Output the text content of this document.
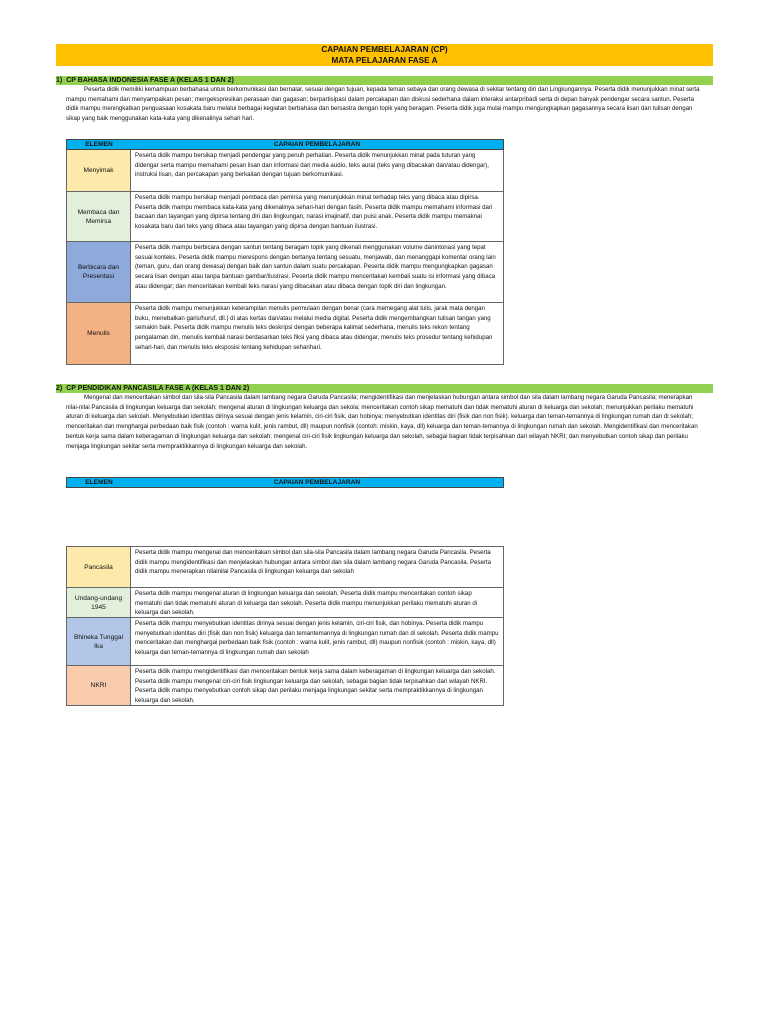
CAPAIAN PEMBELAJARAN (CP)
MATA PELAJARAN FASE A
1) CP BAHASA INDONESIA FASE A (KELAS 1 DAN 2)
Peserta didik memiliki kemampuan berbahasa untuk berkomunikasi dan bernalar, sesuai dengan tujuan, kepada teman sebaya dan orang dewasa di sekitar tentang diri dan Lingkungannya. Peserta didik menunjukkan minat serta mampu memahami dan menyampaikan pesan; mengekspresikan perasaan dan gagasan; berpartisipasi dalam percakapan dan diskusi sederhana dalam interaksi antarpribadi serta di depan banyak pendengar secara santun. Peserta didik mampu meningkatkan penguasaan kosakata baru melalui berbagai kegiatan berbahasa dan bersastra dengan topik yang beragam. Peserta didik juga mulai mampu mengungkapkan gagasannya secara lisan dan tulisan dengan sikap yang baik menggunakan kata-kata yang dikenalinya sehari hari.
ELEMEN	CAPAIAN PEMBELAJARAN
Menyimak
Peserta didik mampu bersikap menjadi pendengar yang penuh perhatian. Peserta didik menunjukkan minat pada tuturan yang didengar serta mampu memahami pesan lisan dan informasi dari media audio, teks aural (teks yang dibacakan dan/atau didengar), instruksi lisan, dan percakapan yang berkaitan dengan tujuan berkomunikasi.
Membaca dan Memirsa
Peserta didik mampu bersikap menjadi pembaca dan pemirsa yang menunjukkan minat terhadap teks yang dibaca atau dipirsa. Peserta didik mampu membaca kata-kata yang dikenalinya sehari-hari dengan fasih. Peserta didik mampu memahami informasi dari bacaan dan tayangan yang dipirsa tentang diri dan lingkungan, narasi imajinatif, dan puisi anak. Peserta didik mampu memaknai kosakata baru dari teks yang dibaca atau tayangan yang dipirsa dengan bantuan ilustrasi.
Berbicara dan Presentasi
Peserta didik mampu berbicara dengan santun tentang beragam topik yang dikenali menggunakan volume danintonasi yang tepat sesuai konteks. Peserta didik mampu merespons dengan bertanya tentang sesuatu, menjawab, dan menanggapi komentar orang lain (teman, guru, dan orang dewasa) dengan baik dan santun dalam suatu percakapan. Peserta didik mampu mengungkapkan gagasan secara lisan dengan atau tanpa bantuan gambar/ilustrasi. Peserta didik mampu menceritakan kembali suatu isi informasi yang dibaca atau didengar; dan menceritakan kembali teks narasi yang dibacakan atau dibaca dengan topik diri dan lingkungan.
Menulis
Peserta didik mampu menunjukkan keterampilan menulis permulaan dengan benar (cara memegang alat tulis, jarak mata dengan buku, menebalkan garis/huruf, dll.) di atas kertas dan/atau melalui media digital. Peserta didik mengembangkan tulisan tangan yang semakin baik. Peserta didik mampu menulis teks deskripsi dengan beberapa kalimat sederhana, menulis teks rekon tentang pengalaman diri, menulis kembali narasi berdasarkan teks fiksi yang dibaca atau didengar, menulis teks prosedur tentang kehidupan sehari-hari, dan menulis teks eksposisi tentang kehidupan seharihari.
2) CP PENDIDIKAN PANCASILA FASE A (KELAS 1 DAN 2)
Mengenal dan menceritakan simbol dan sila-sila Pancasila dalam lambang negara Garuda Pancasila; mengidentifikasi dan menjelaskan hubungan antara simbol dan sila dalam lambang negara Garuda Pancasila; menerapkan nilai-nilai Pancasila di lingkungan keluarga dan sekolah; mengenal aturan di lingkungan keluarga dan sekola; menceritakan contoh sikap mematuhi dan tidak mematuhi aturan di keluarga dan sekolah; menunjukkan perilaku mematuhi aturan di keluarga dan sekolah. Menyebutkan identitas dirinya sesuai dengan jenis kelamin, ciri-ciri fisik, dan hobinya; menyebutkan identitas diri (fisik dan non fisik). keluarga dan teman-temannya di lingkungan rumah dan di sekolah; menceritakan dan menghargai perbedaan baik fisik (contoh : warna kulit, jenis rambut, dll) maupun nonfisik (contoh: miskin, kaya, dll) keluarga dan teman-temannya di lingkungan rumah dan sekolah. Mengidentifikasi dan menceritakan bentuk kerja sama dalam keberagaman di lingkungan keluarga dan sekolah; mengenal ciri-ciri fisik lingkungan keluarga dan sekolah, sebagai bagian tidak terpisahkan dari wilayah NKRI; dan menyebutkan contoh sikap dan perilaku menjaga lingkungan sekitar serta mempraktikkannya di lingkungan keluarga dan sekolah.
ELEMEN	CAPAIAN PEMBELAJARAN
Pancasila
Peserta didik mampu mengenal dan menceritakan simbol dan sila-sila Pancasila dalam lambang negara Garuda Pancasila. Peserta didik mampu mengidentifikasi dan menjelaskan hubungan antara simbol dan sila dalam lambang negara Garuda Pancasila. Peserta didik mampu menerapkan nilainilai Pancasila di lingkungan keluarga dan sekolah
Undang-undang 1945
Peserta didik mampu mengenal aturan di lingkungan keluarga dan sekolah. Peserta didik mampu menceritakan contoh sikap mematuhi dan tidak mematuhi aturan di keluarga dan sekolah. Peserta didik mampu menunjukkan perilaku mematuhi aturan di keluarga dan sekolah.
Bhineka Tunggal Ika
Peserta didik mampu menyebutkan identitas dirinya sesuai dengan jenis kelamin, ciri-ciri fisik, dan hobinya. Peserta didik mampu menyebutkan identitas diri (fisik dan non fisik) keluarga dan temantemannya di lingkungan rumah dan di sekolah. Peserta didik mampu menceritakan dan menghargai perbedaan baik fisik (contoh : warna kulit, jenis rambut, dll) maupun nonfisik (contoh : miskin, kaya, dll) keluarga dan teman-temannya di lingkungan rumah dan sekolah
NKRI
Peserta didik mampu mengidentifikasi dan menceritakan bentuk kerja sama dalam keberagaman di lingkungan keluarga dan sekolah. Peserta didik mampu mengenal ciri-ciri fisik lingkungan keluarga dan sekolah, sebagai bagian tidak terpisahkan dari wilayah NKRI. Peserta didik mampu menyebutkan contoh sikap dan perilaku menjaga lingkungan sekitar serta mempraktikkannya di lingkungan keluarga dan sekolah.
